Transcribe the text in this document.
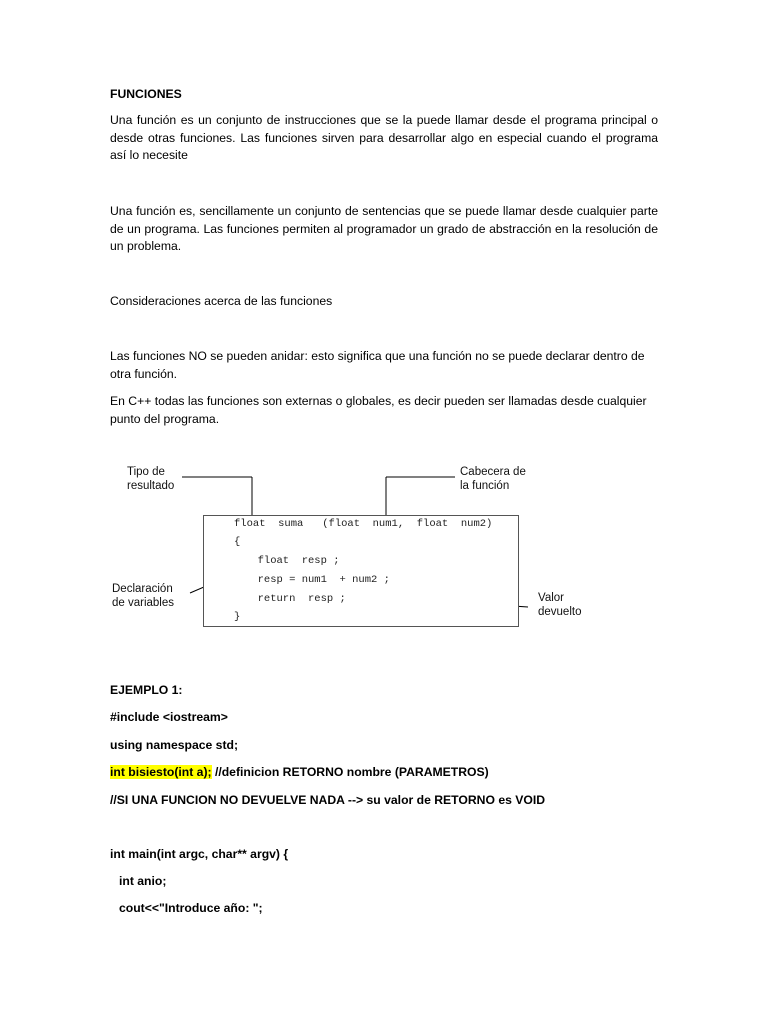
FUNCIONES

Una función es un conjunto de instrucciones que se la puede llamar desde el programa principal o desde otras funciones. Las funciones sirven para desarrollar algo en especial cuando el programa así lo necesite

Una función es, sencillamente un conjunto de sentencias que se puede llamar desde cualquier parte de un programa. Las funciones permiten al programador un grado de abstracción en la resolución de un problema.

Consideraciones acerca de las funciones

Las funciones NO se pueden anidar: esto significa que una función no se puede declarar dentro de otra función.

En C++ todas las funciones son externas o globales, es decir pueden ser llamadas desde cualquier punto del programa.

Tipo de
resultado
Cabecera de
la función
Declaración
de variables	Valor
devuelto
float  suma   (float  num1,  float  num2)
{
float  resp ;
resp = num1  + num2 ;
return  resp ;
}

EJEMPLO 1:

#include <iostream>

using namespace std;

int bisiesto(int a); //definicion RETORNO nombre (PARAMETROS)

//SI UNA FUNCION NO DEVUELVE NADA --> su valor de RETORNO es VOID

int main(int argc, char** argv) {

int anio;

cout<<"Introduce año: ";
